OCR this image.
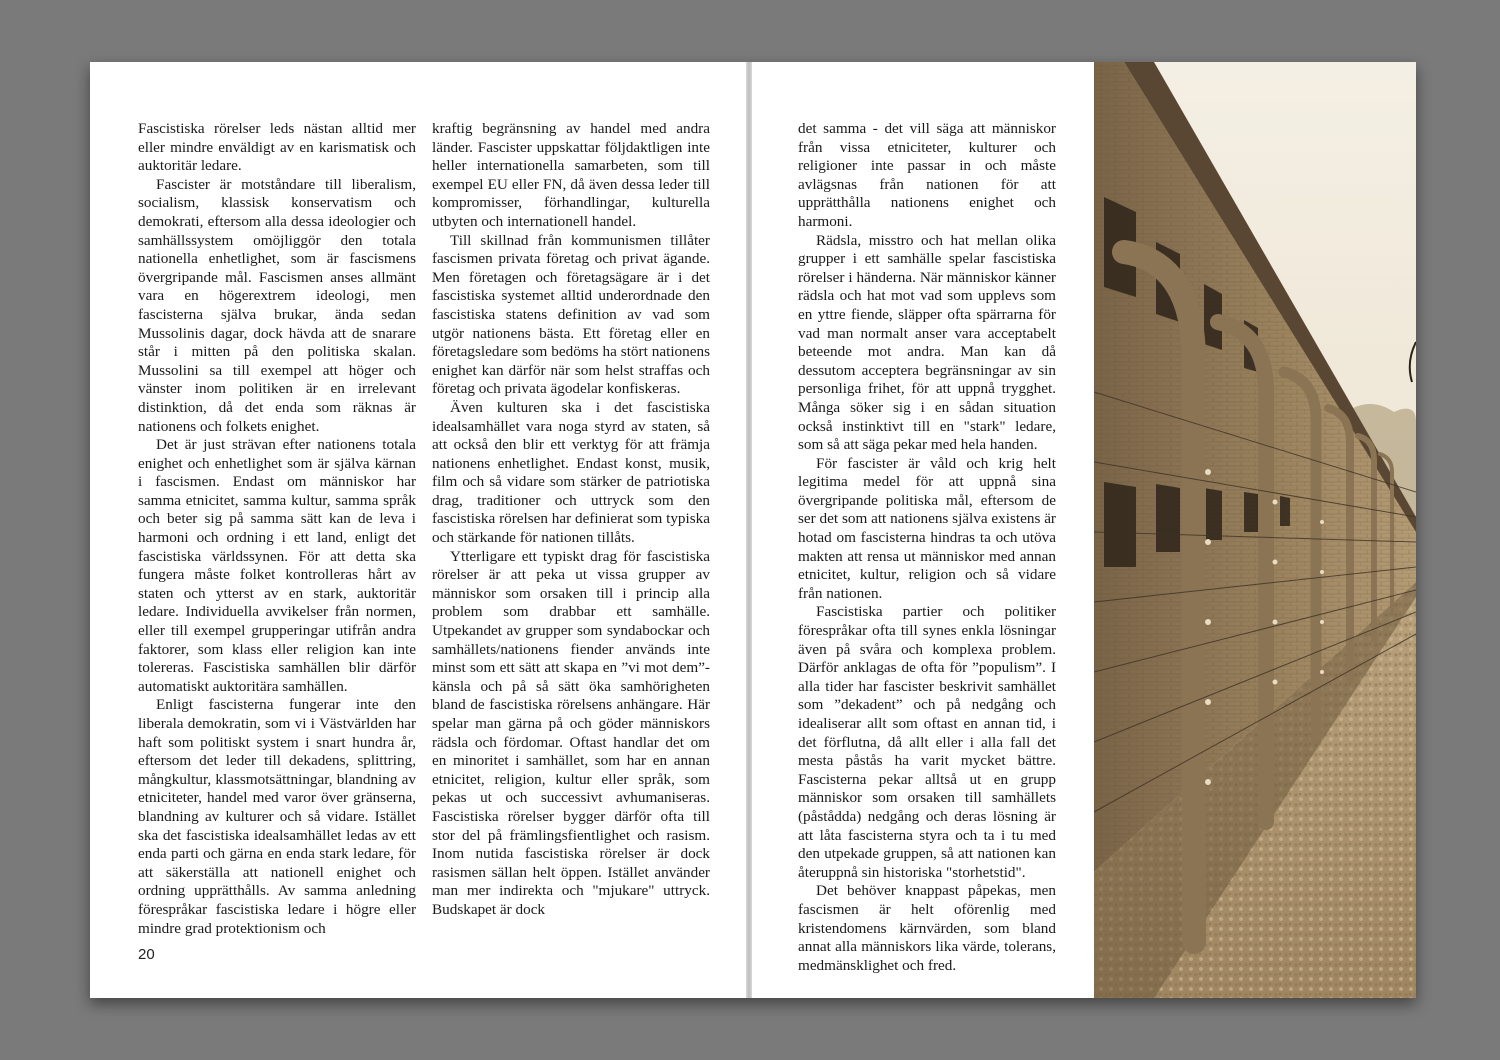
Fascistiska rörelser leds nästan alltid mer eller mindre enväldigt av en karismatisk och auktoritär ledare.

Fascister är motståndare till liberalism, socialism, klassisk konservatism och demokrati, eftersom alla dessa ideologier och samhällssystem omöjliggör den totala nationella enhetlighet, som är fascismens övergripande mål. Fascismen anses allmänt vara en högerextrem ideologi, men fascisterna själva brukar, ända sedan Mussolinis dagar, dock hävda att de snarare står i mitten på den politiska skalan. Mussolini sa till exempel att höger och vänster inom politiken är en irrelevant distinktion, då det enda som räknas är nationens och folkets enighet.

Det är just strävan efter nationens totala enighet och enhetlighet som är själva kärnan i fascismen. Endast om människor har samma etnicitet, samma kultur, samma språk och beter sig på samma sätt kan de leva i harmoni och ordning i ett land, enligt det fascistiska världssynen. För att detta ska fungera måste folket kontrolleras hårt av staten och ytterst av en stark, auktoritär ledare. Individuella avvikelser från normen, eller till exempel grupperingar utifrån andra faktorer, som klass eller religion kan inte tolereras. Fascistiska samhällen blir därför automatiskt auktoritära samhällen.

Enligt fascisterna fungerar inte den liberala demokratin, som vi i Västvärlden har haft som politiskt system i snart hundra år, eftersom det leder till dekadens, splittring, mångkultur, klassmotsättningar, blandning av etniciteter, handel med varor över gränserna, blandning av kulturer och så vidare. Istället ska det fascistiska idealsamhället ledas av ett enda parti och gärna en enda stark ledare, för att säkerställa att nationell enighet och ordning upprätthålls. Av samma anledning förespråkar fascistiska ledare i högre eller mindre grad protektionism och

kraftig begränsning av handel med andra länder. Fascister uppskattar följdaktligen inte heller internationella samarbeten, som till exempel EU eller FN, då även dessa leder till kompromisser, förhandlingar, kulturella utbyten och internationell handel.

Till skillnad från kommunismen tillåter fascismen privata företag och privat ägande. Men företagen och företagsägare är i det fascistiska systemet alltid underordnade den fascistiska statens definition av vad som utgör nationens bästa. Ett företag eller en företagsledare som bedöms ha stört nationens enighet kan därför när som helst straffas och företag och privata ägodelar konfiskeras.

Även kulturen ska i det fascistiska idealsamhället vara noga styrd av staten, så att också den blir ett verktyg för att främja nationens enhetlighet. Endast konst, musik, film och så vidare som stärker de patriotiska drag, traditioner och uttryck som den fascistiska rörelsen har definierat som typiska och stärkande för nationen tillåts.

Ytterligare ett typiskt drag för fascistiska rörelser är att peka ut vissa grupper av människor som orsaken till i princip alla problem som drabbar ett samhälle. Utpekandet av grupper som syndabockar och samhällets/nationens fiender används inte minst som ett sätt att skapa en ”vi mot dem”-känsla och på så sätt öka samhörigheten bland de fascistiska rörelsens anhängare. Här spelar man gärna på och göder människors rädsla och fördomar. Oftast handlar det om en minoritet i samhället, som har en annan etnicitet, religion, kultur eller språk, som pekas ut och successivt avhumaniseras. Fascistiska rörelser bygger därför ofta till stor del på främlingsfientlighet och rasism. Inom nutida fascistiska rörelser är dock rasismen sällan helt öppen. Istället använder man mer indirekta och "mjukare" uttryck. Budskapet är dock

20

det samma - det vill säga att människor från vissa etniciteter, kulturer och religioner inte passar in och måste avlägsnas från nationen för att upprätthålla nationens enighet och harmoni.

Rädsla, misstro och hat mellan olika grupper i ett samhälle spelar fascistiska rörelser i händerna. När människor känner rädsla och hat mot vad som upplevs som en yttre fiende, släpper ofta spärrarna för vad man normalt anser vara acceptabelt beteende mot andra. Man kan då dessutom acceptera begränsningar av sin personliga frihet, för att uppnå trygghet. Många söker sig i en sådan situation också instinktivt till en "stark" ledare, som så att säga pekar med hela handen.

För fascister är våld och krig helt legitima medel för att uppnå sina övergripande politiska mål, eftersom de ser det som att nationens själva existens är hotad om fascisterna hindras ta och utöva makten att rensa ut människor med annan etnicitet, kultur, religion och så vidare från nationen.

Fascistiska partier och politiker förespråkar ofta till synes enkla lösningar även på svåra och komplexa problem. Därför anklagas de ofta för ”populism”. I alla tider har fascister beskrivit samhället som ”dekadent” och på nedgång och idealiserar allt som oftast en annan tid, i det förflutna, då allt eller i alla fall det mesta påstås ha varit mycket bättre. Fascisterna pekar alltså ut en grupp människor som orsaken till samhällets (påstådda) nedgång och deras lösning är att låta fascisterna styra och ta i tu med den utpekade gruppen, så att nationen kan återuppnå sin historiska "storhetstid".

Det behöver knappast påpekas, men fascismen är helt oförenlig med kristendomens kärnvärden, som bland annat alla människors lika värde, tolerans, medmänsklighet och fred.
